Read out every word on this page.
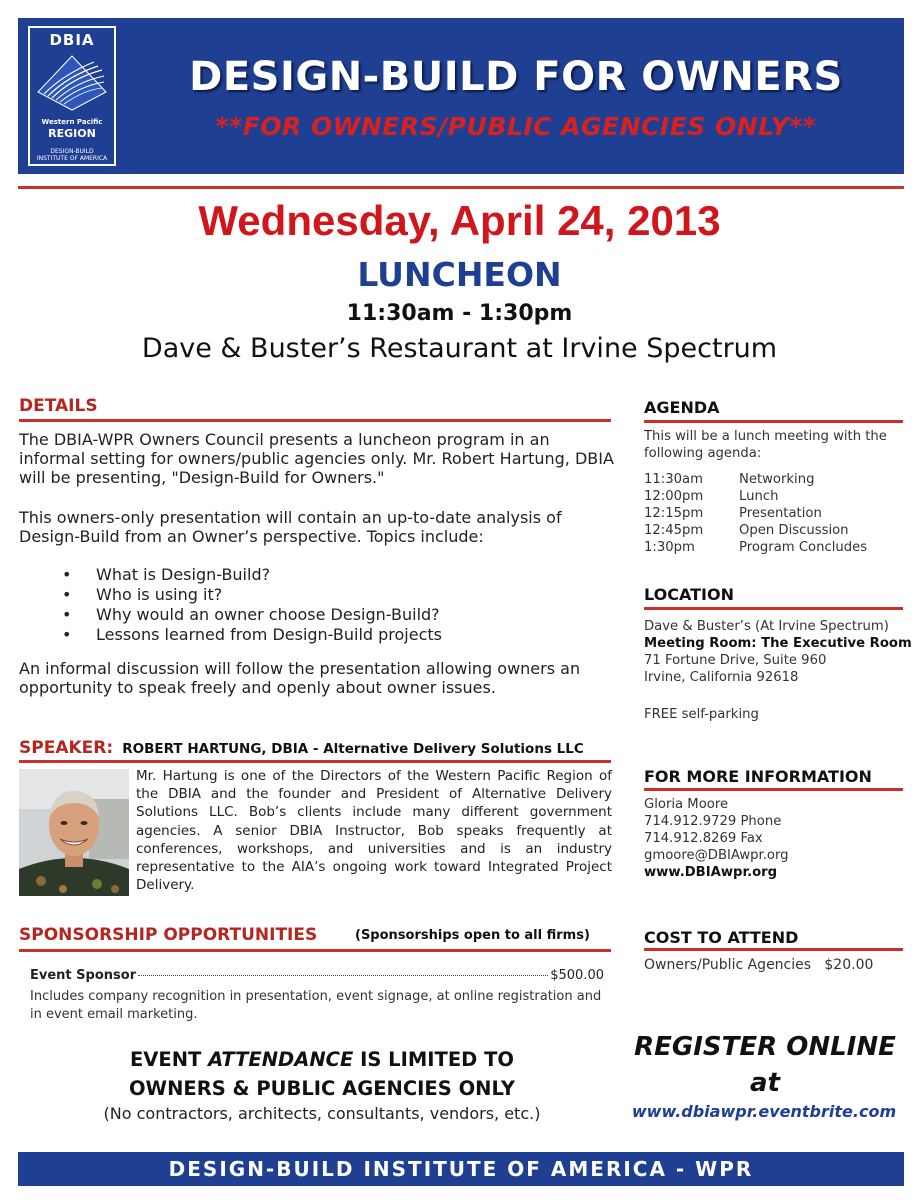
DBIA
Western Pacific
REGION
DESIGN-BUILD
INSTITUTE OF AMERICA
DESIGN-BUILD FOR OWNERS
**FOR OWNERS/PUBLIC AGENCIES ONLY**
Wednesday, April 24, 2013
LUNCHEON
11:30am - 1:30pm
Dave & Buster’s Restaurant at Irvine Spectrum
DETAILS
The DBIA-WPR Owners Council presents a luncheon program in an informal setting for owners/public agencies only. Mr. Robert Hartung, DBIA will be presenting, "Design-Build for Owners."
This owners-only presentation will contain an up-to-date analysis of Design-Build from an Owner’s perspective. Topics include:
• What is Design-Build?
• Who is using it?
• Why would an owner choose Design-Build?
• Lessons learned from Design-Build projects
An informal discussion will follow the presentation allowing owners an opportunity to speak freely and openly about owner issues.
SPEAKER: ROBERT HARTUNG, DBIA - Alternative Delivery Solutions LLC
Mr. Hartung is one of the Directors of the Western Pacific Region of the DBIA and the founder and President of Alternative Delivery Solutions LLC. Bob’s clients include many different government agencies. A senior DBIA Instructor, Bob speaks frequently at conferences, workshops, and universities and is an industry representative to the AIA’s ongoing work toward Integrated Project Delivery.
SPONSORSHIP OPPORTUNITIES	(Sponsorships open to all firms)
Event Sponsor	$500.00
Includes company recognition in presentation, event signage, at online registration and in event email marketing.
EVENT ATTENDANCE IS LIMITED TO
OWNERS & PUBLIC AGENCIES ONLY
(No contractors, architects, consultants, vendors, etc.)
AGENDA
This will be a lunch meeting with the following agenda:
11:30am	Networking
12:00pm	Lunch
12:15pm	Presentation
12:45pm	Open Discussion
1:30pm	Program Concludes
LOCATION
Dave & Buster’s (At Irvine Spectrum)
Meeting Room: The Executive Room
71 Fortune Drive, Suite 960
Irvine, California 92618
FREE self-parking
FOR MORE INFORMATION
Gloria Moore
714.912.9729 Phone
714.912.8269 Fax
gmoore@DBIAwpr.org
www.DBIAwpr.org
COST TO ATTEND
Owners/Public Agencies   $20.00
REGISTER ONLINE
at
www.dbiawpr.eventbrite.com
DESIGN-BUILD INSTITUTE OF AMERICA - WPR
